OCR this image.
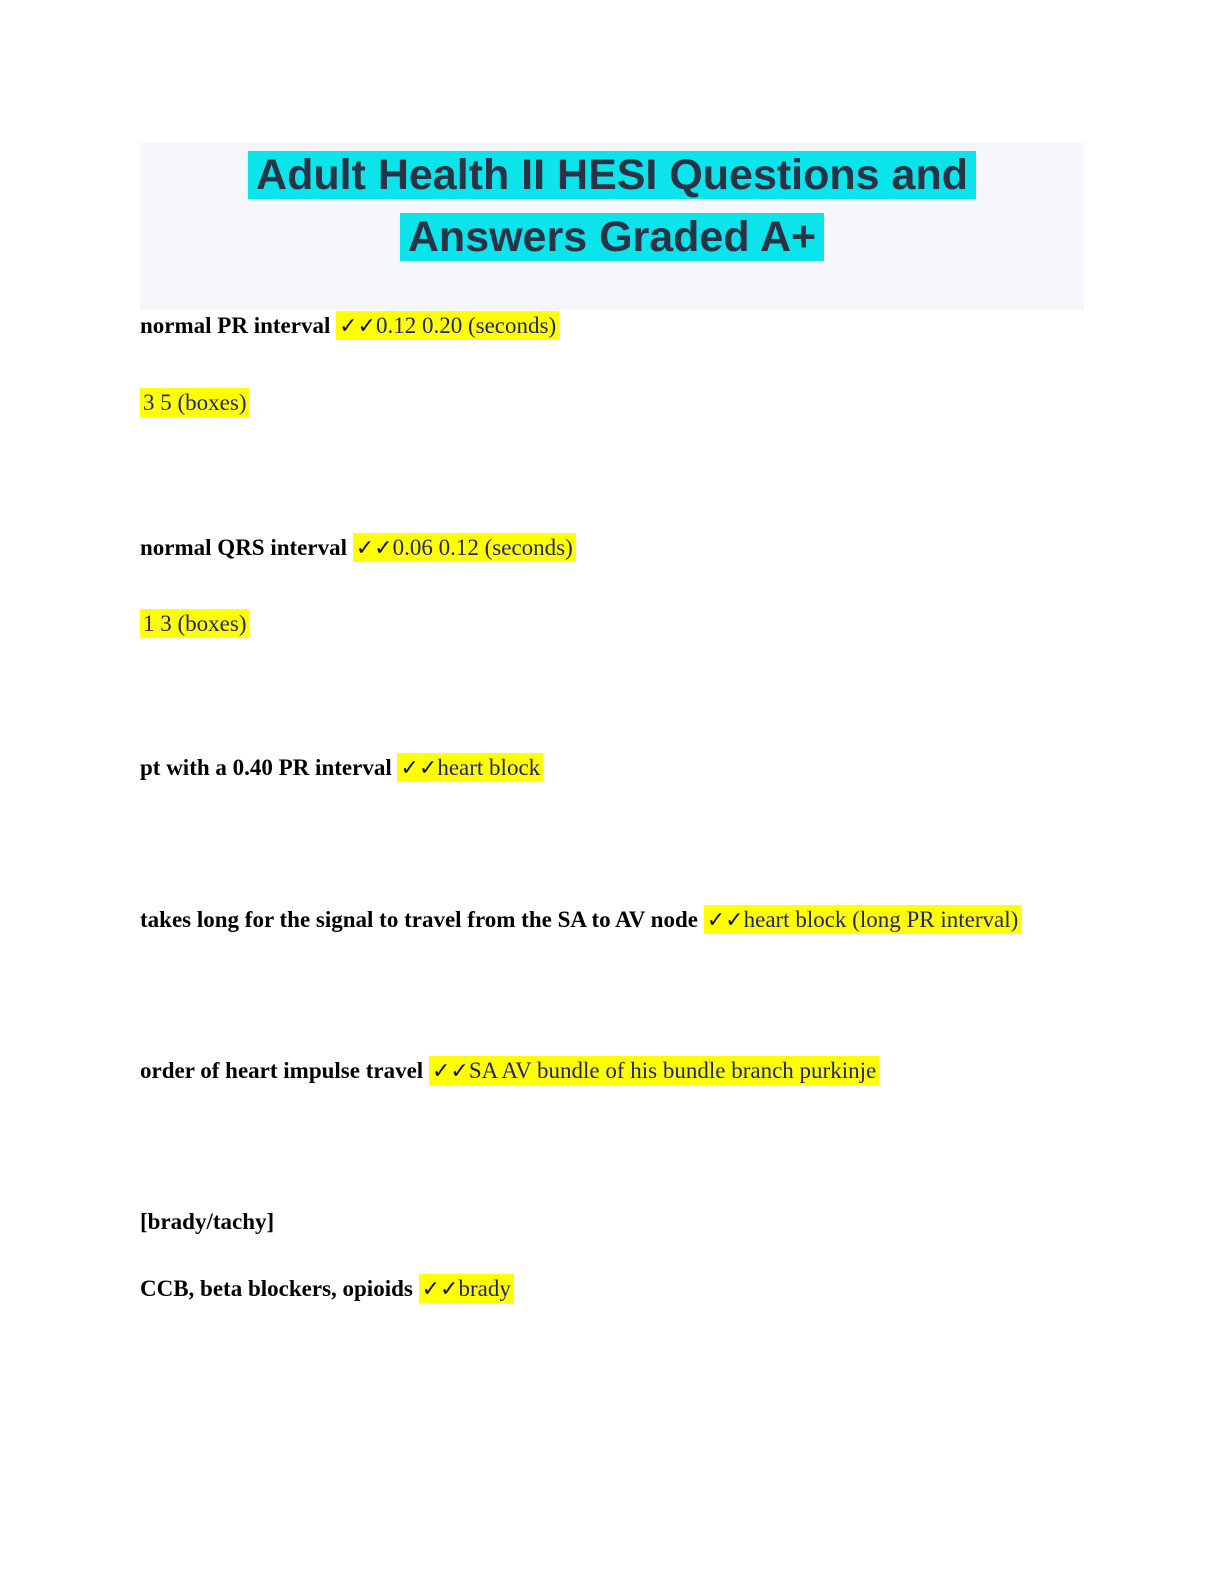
Adult Health II HESI Questions and
Answers Graded A+

normal PR interval ✓✓0.12 0.20 (seconds)

3 5 (boxes)

normal QRS interval ✓✓0.06 0.12 (seconds)

1 3 (boxes)

pt with a 0.40 PR interval ✓✓heart block

takes long for the signal to travel from the SA to AV node ✓✓heart block (long PR interval)

order of heart impulse travel ✓✓SA AV bundle of his bundle branch purkinje

[brady/tachy]

CCB, beta blockers, opioids ✓✓brady
